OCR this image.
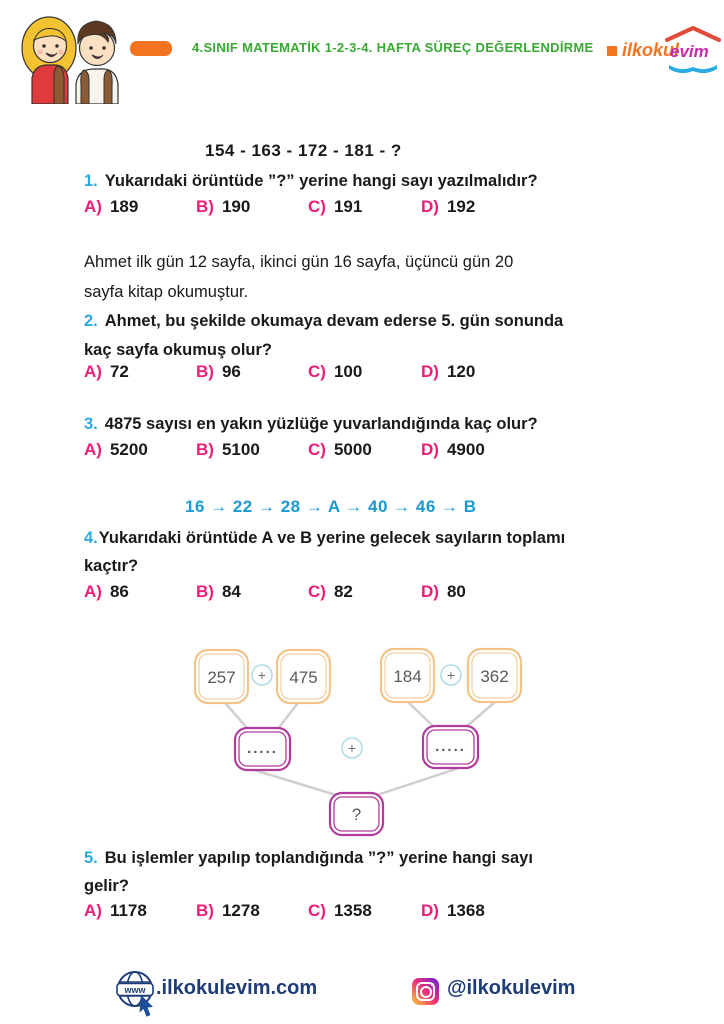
4.SINIF MATEMATİK 1-2-3-4. HAFTA SÜREÇ DEĞERLENDİRME	ilkokul
evim
154 - 163 - 172 - 181 - ?
1. Yukarıdaki örüntüde ”?” yerine hangi sayı yazılmalıdır?
A) 189	B) 190	C) 191	D) 192
Ahmet ilk gün 12 sayfa, ikinci gün 16 sayfa, üçüncü gün 20
sayfa kitap okumuştur.
2. Ahmet, bu şekilde okumaya devam ederse 5. gün sonunda
kaç sayfa okumuş olur?
A) 72	B) 96	C) 100	D) 120
3. 4875 sayısı en yakın yüzlüğe yuvarlandığında kaç olur?
A) 5200	B) 5100	C) 5000	D) 4900
16 → 22 → 28 → A → 40 → 46 → B
4.Yukarıdaki örüntüde A ve B yerine gelecek sayıların toplamı
kaçtır?
A) 86	B) 84	C) 82	D) 80
257 + 475	184 + 362
.....	+	.....
?
5. Bu işlemler yapılıp toplandığında ”?” yerine hangi sayı
gelir?
A) 1178	B) 1278	C) 1358	D) 1368
www .ilkokulevim.com	@ilkokulevim
